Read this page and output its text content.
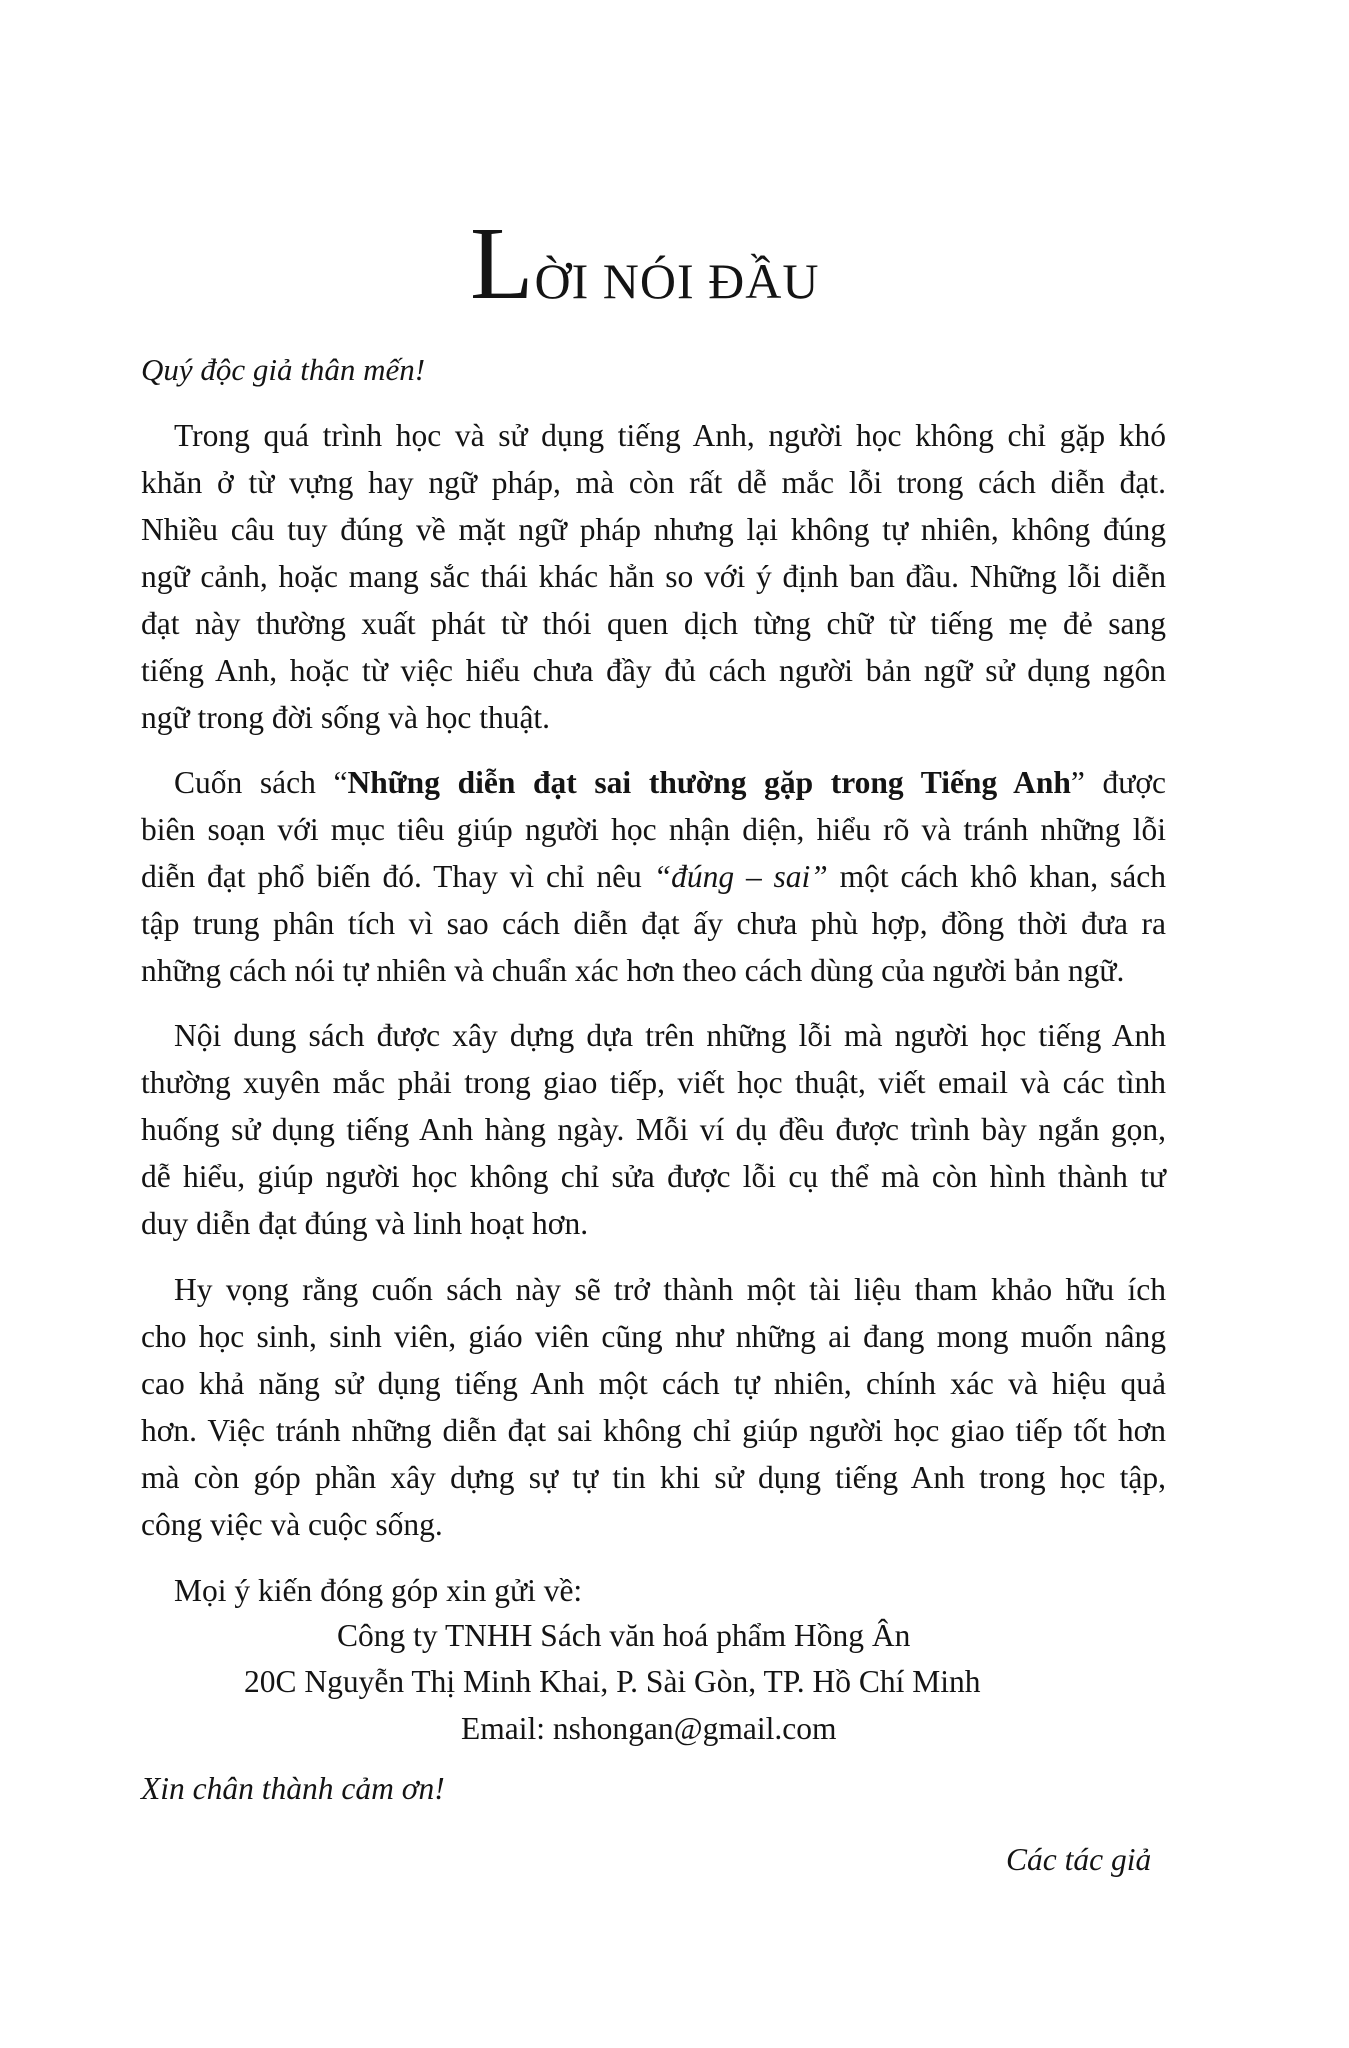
LỜI NÓI ĐẦU

Quý độc giả thân mến!

Trong quá trình học và sử dụng tiếng Anh, người học không chỉ gặp khó
khăn ở từ vựng hay ngữ pháp, mà còn rất dễ mắc lỗi trong cách diễn đạt.
Nhiều câu tuy đúng về mặt ngữ pháp nhưng lại không tự nhiên, không đúng
ngữ cảnh, hoặc mang sắc thái khác hẳn so với ý định ban đầu. Những lỗi diễn
đạt này thường xuất phát từ thói quen dịch từng chữ từ tiếng mẹ đẻ sang
tiếng Anh, hoặc từ việc hiểu chưa đầy đủ cách người bản ngữ sử dụng ngôn
ngữ trong đời sống và học thuật.
Cuốn sách “Những diễn đạt sai thường gặp trong Tiếng Anh” được
biên soạn với mục tiêu giúp người học nhận diện, hiểu rõ và tránh những lỗi
diễn đạt phổ biến đó. Thay vì chỉ nêu “đúng – sai” một cách khô khan, sách
tập trung phân tích vì sao cách diễn đạt ấy chưa phù hợp, đồng thời đưa ra
những cách nói tự nhiên và chuẩn xác hơn theo cách dùng của người bản ngữ.
Nội dung sách được xây dựng dựa trên những lỗi mà người học tiếng Anh
thường xuyên mắc phải trong giao tiếp, viết học thuật, viết email và các tình
huống sử dụng tiếng Anh hàng ngày. Mỗi ví dụ đều được trình bày ngắn gọn,
dễ hiểu, giúp người học không chỉ sửa được lỗi cụ thể mà còn hình thành tư
duy diễn đạt đúng và linh hoạt hơn.
Hy vọng rằng cuốn sách này sẽ trở thành một tài liệu tham khảo hữu ích
cho học sinh, sinh viên, giáo viên cũng như những ai đang mong muốn nâng
cao khả năng sử dụng tiếng Anh một cách tự nhiên, chính xác và hiệu quả
hơn. Việc tránh những diễn đạt sai không chỉ giúp người học giao tiếp tốt hơn
mà còn góp phần xây dựng sự tự tin khi sử dụng tiếng Anh trong học tập,
công việc và cuộc sống.

Mọi ý kiến đóng góp xin gửi về:

Công ty TNHH Sách văn hoá phẩm Hồng Ân

20C Nguyễn Thị Minh Khai, P. Sài Gòn, TP. Hồ Chí Minh

Email: nshongan@gmail.com

Xin chân thành cảm ơn!

Các tác giả
